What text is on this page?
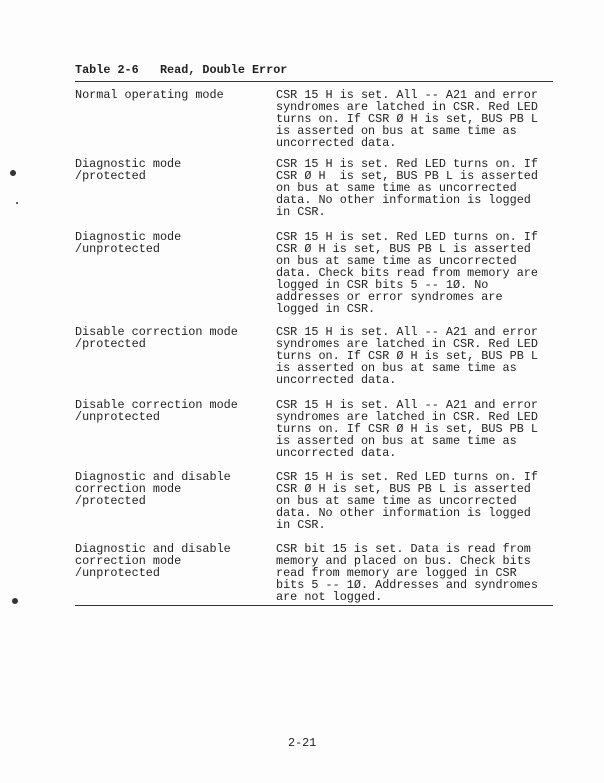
Table 2-6   Read, Double Error
Normal operating mode	CSR 15 H is set. All -- A21 and error
syndromes are latched in CSR. Red LED
turns on. If CSR Ø H is set, BUS PB L
is asserted on bus at same time as
uncorrected data.
Diagnostic mode
/protected
CSR 15 H is set. Red LED turns on. If
CSR Ø H  is set, BUS PB L is asserted
on bus at same time as uncorrected
data. No other information is logged
in CSR.
Diagnostic mode
/unprotected
CSR 15 H is set. Red LED turns on. If
CSR Ø H is set, BUS PB L is asserted
on bus at same time as uncorrected
data. Check bits read from memory are
logged in CSR bits 5 -- 1Ø. No
addresses or error syndromes are
logged in CSR.
Disable correction mode
/protected
CSR 15 H is set. All -- A21 and error
syndromes are latched in CSR. Red LED
turns on. If CSR Ø H is set, BUS PB L
is asserted on bus at same time as
uncorrected data.
Disable correction mode
/unprotected
CSR 15 H is set. All -- A21 and error
syndromes are latched in CSR. Red LED
turns on. If CSR Ø H is set, BUS PB L
is asserted on bus at same time as
uncorrected data.
Diagnostic and disable
correction mode
/protected
CSR 15 H is set. Red LED turns on. If
CSR Ø H is set, BUS PB L is asserted
on bus at same time as uncorrected
data. No other information is logged
in CSR.
Diagnostic and disable
correction mode
/unprotected
CSR bit 15 is set. Data is read from
memory and placed on bus. Check bits
read from memory are logged in CSR
bits 5 -- 1Ø. Addresses and syndromes
are not logged.
2-21
